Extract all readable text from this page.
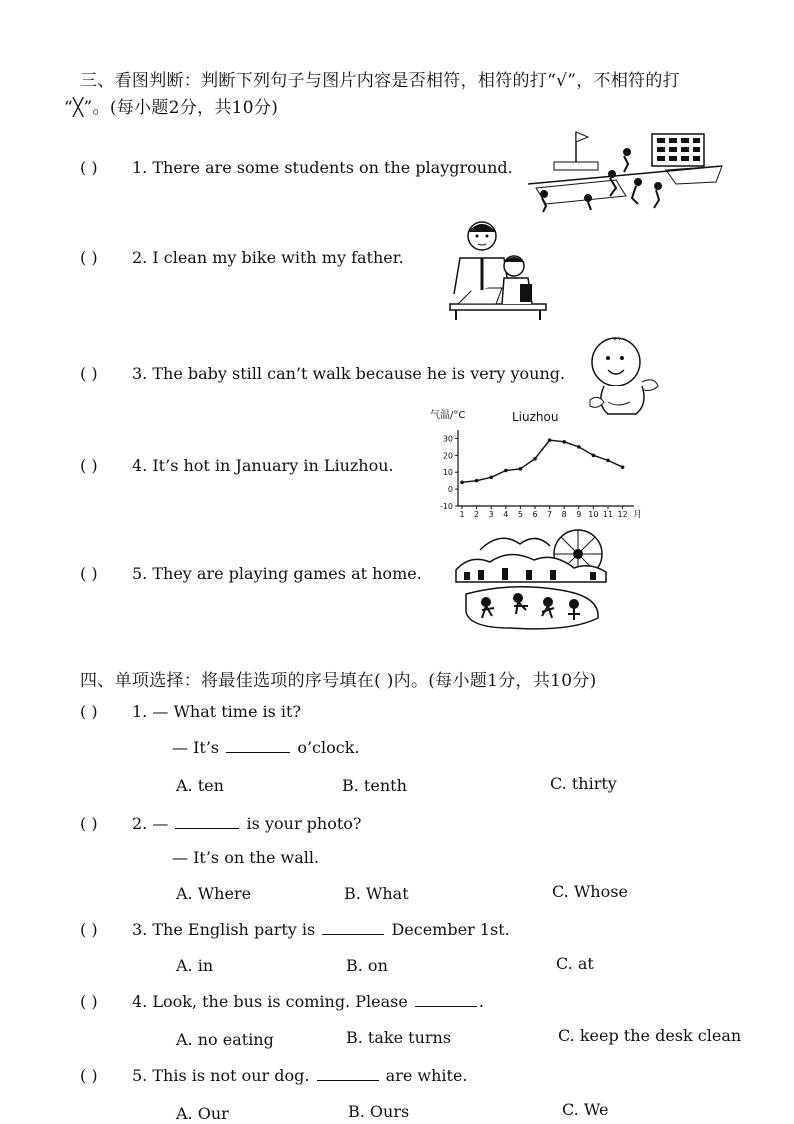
三、看图判断：判断下列句子与图片内容是否相符，相符的打“√”，不相符的打
“╳”。(每小题2分，共10分)
( ) 1. There are some students on the playground.
( ) 2. I clean my bike with my father.
( ) 3. The baby still can’t walk because he is very young.
( ) 4. It’s hot in January in Liuzhou.
( ) 5. They are playing games at home.
气温/°C	Liuzhou
月
30
20
10
0
-10
1 2 3 4 5 6 7 8 9 10 11 12
四、单项选择：将最佳选项的序号填在( )内。(每小题1分，共10分)
( ) 1. — What time is it?
— It’s	o’clock.
A. ten	B. tenth	C. thirty
( ) 2. —	is your photo?
— It’s on the wall.
A. Where	B. What	C. Whose
( ) 3. The English party is	December 1st.
A. in	B. on	C. at
( ) 4. Look, the bus is coming. Please	.
A. no eating	B. take turns	C. keep the desk clean
( ) 5. This is not our dog.	are white.
A. Our	B. Ours	C. We
